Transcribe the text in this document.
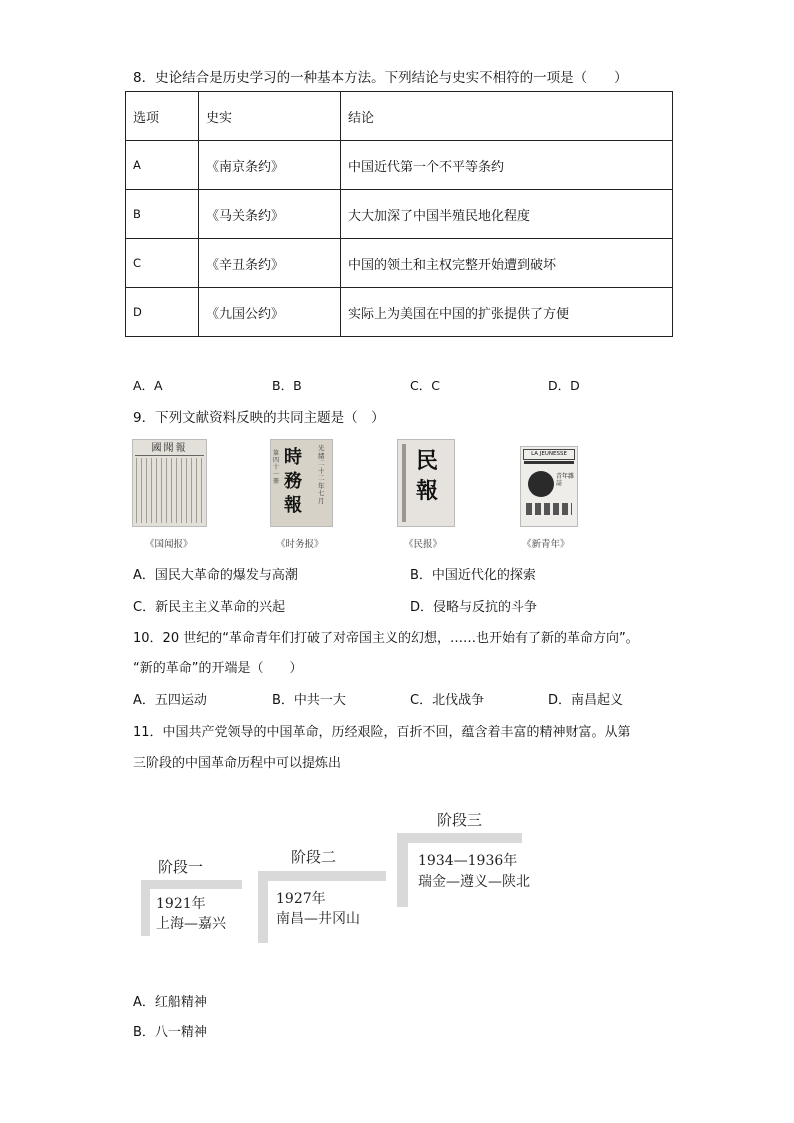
8．史论结合是历史学习的一种基本方法。下列结论与史实不相符的一项是（　　）
选项	史实	结论
A	《南京条约》	中国近代第一个不平等条约
B	《马关条约》	大大加深了中国半殖民地化程度
C	《辛丑条约》	中国的领土和主权完整开始遭到破坏
D	《九国公约》	实际上为美国在中国的扩张提供了方便
A．A	B．B	C．C	D．D
9．下列文献资料反映的共同主题是（　）
國聞報
《国闻报》
時務報
光緒二十二年七月
第四十一冊
《时务报》
民報
《民报》
LA JEUNESSE
青年雜誌
《新青年》
A．国民大革命的爆发与高潮	B．中国近代化的探索
C．新民主主义革命的兴起	D．侵略与反抗的斗争
10．20 世纪的“革命青年们打破了对帝国主义的幻想，……也开始有了新的革命方向”。
“新的革命”的开端是（　　）
A．五四运动	B．中共一大	C．北伐战争	D．南昌起义
11．中国共产党领导的中国革命，历经艰险，百折不回，蕴含着丰富的精神财富。从第
三阶段的中国革命历程中可以提炼出
阶段一
1921年
上海—嘉兴
阶段二
1927年
南昌—井冈山
阶段三
1934—1936年
瑞金—遵义—陕北
A．红船精神
B．八一精神
